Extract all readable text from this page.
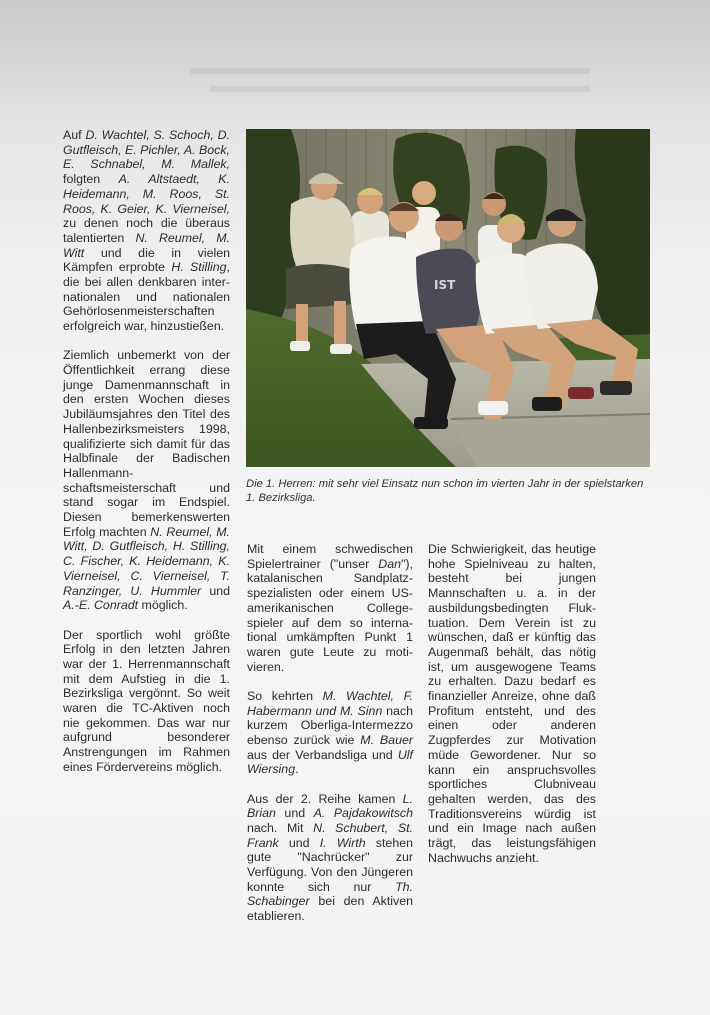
Auf D. Wachtel, S. Schoch, D. Gutfleisch, E. Pichler, A. Bock, E. Schnabel, M. Mallek, folgten A. Altstaedt, K. Heidemann, M. Roos, St. Roos, K. Geier, K. Vierneisel, zu denen noch die überaus talentierten N. Reumel, M. Witt und die in vielen Kämpfen erprobte H. Stilling, die bei allen denkbaren internationalen und nationalen Gehörlosenmeisterschaften erfolgreich war, hinzustießen.

Ziemlich unbemerkt von der Öffentlichkeit errang diese junge Damenmannschaft in den ersten Wochen dieses Jubiläumsjahres den Titel des Hallenbezirksmeisters 1998, qualifizierte sich damit für das Halbfinale der Badischen Hallenmannschaftsmeisterschaft und stand sogar im Endspiel. Diesen bemerkenswerten Erfolg machten N. Reumel, M. Witt, D. Gutfleisch, H. Stilling, C. Fischer, K. Heidemann, K. Vierneisel, C. Vierneisel, T. Ranzinger, U. Hummler und A.-E. Conradt möglich.

Der sportlich wohl größte Erfolg in den letzten Jahren war der 1. Herrenmannschaft mit dem Aufstieg in die 1. Bezirksliga vergönnt. So weit waren die TC-Aktiven noch nie gekommen. Das war nur aufgrund besonderer Anstrengungen im Rahmen eines Fördervereins möglich.

IST
Die 1. Herren: mit sehr viel Einsatz nun schon im vierten Jahr in der spielstarken 1. Bezirksliga.

Mit einem schwedischen Spielertrainer ("unser Dan"), katalanischen Sandplatzspezialisten oder einem US-amerikanischen College-spieler auf dem so international umkämpften Punkt 1 waren gute Leute zu motivieren.

So kehrten M. Wachtel, F. Habermann und M. Sinn nach kurzem Oberliga-Intermezzo ebenso zurück wie M. Bauer aus der Verbandsliga und Ulf Wiersing.

Aus der 2. Reihe kamen L. Brian und A. Pajdakowitsch nach. Mit N. Schubert, St. Frank und I. Wirth stehen gute "Nachrücker" zur Verfügung. Von den Jüngeren konnte sich nur Th. Schabinger bei den Aktiven etablieren.

Die Schwierigkeit, das heutige hohe Spielniveau zu halten, besteht bei jungen Mannschaften u. a. in der ausbildungsbedingten Fluktuation. Dem Verein ist zu wünschen, daß er künftig das Augenmaß behält, das nötig ist, um ausgewogene Teams zu erhalten. Dazu bedarf es finanzieller Anreize, ohne daß Profitum entsteht, und des einen oder anderen Zugpferdes zur Motivation müde Gewordener. Nur so kann ein anspruchsvolles sportliches Clubniveau gehalten werden, das des Traditionsvereins würdig ist und ein Image nach außen trägt, das leistungsfähigen Nachwuchs anzieht.
